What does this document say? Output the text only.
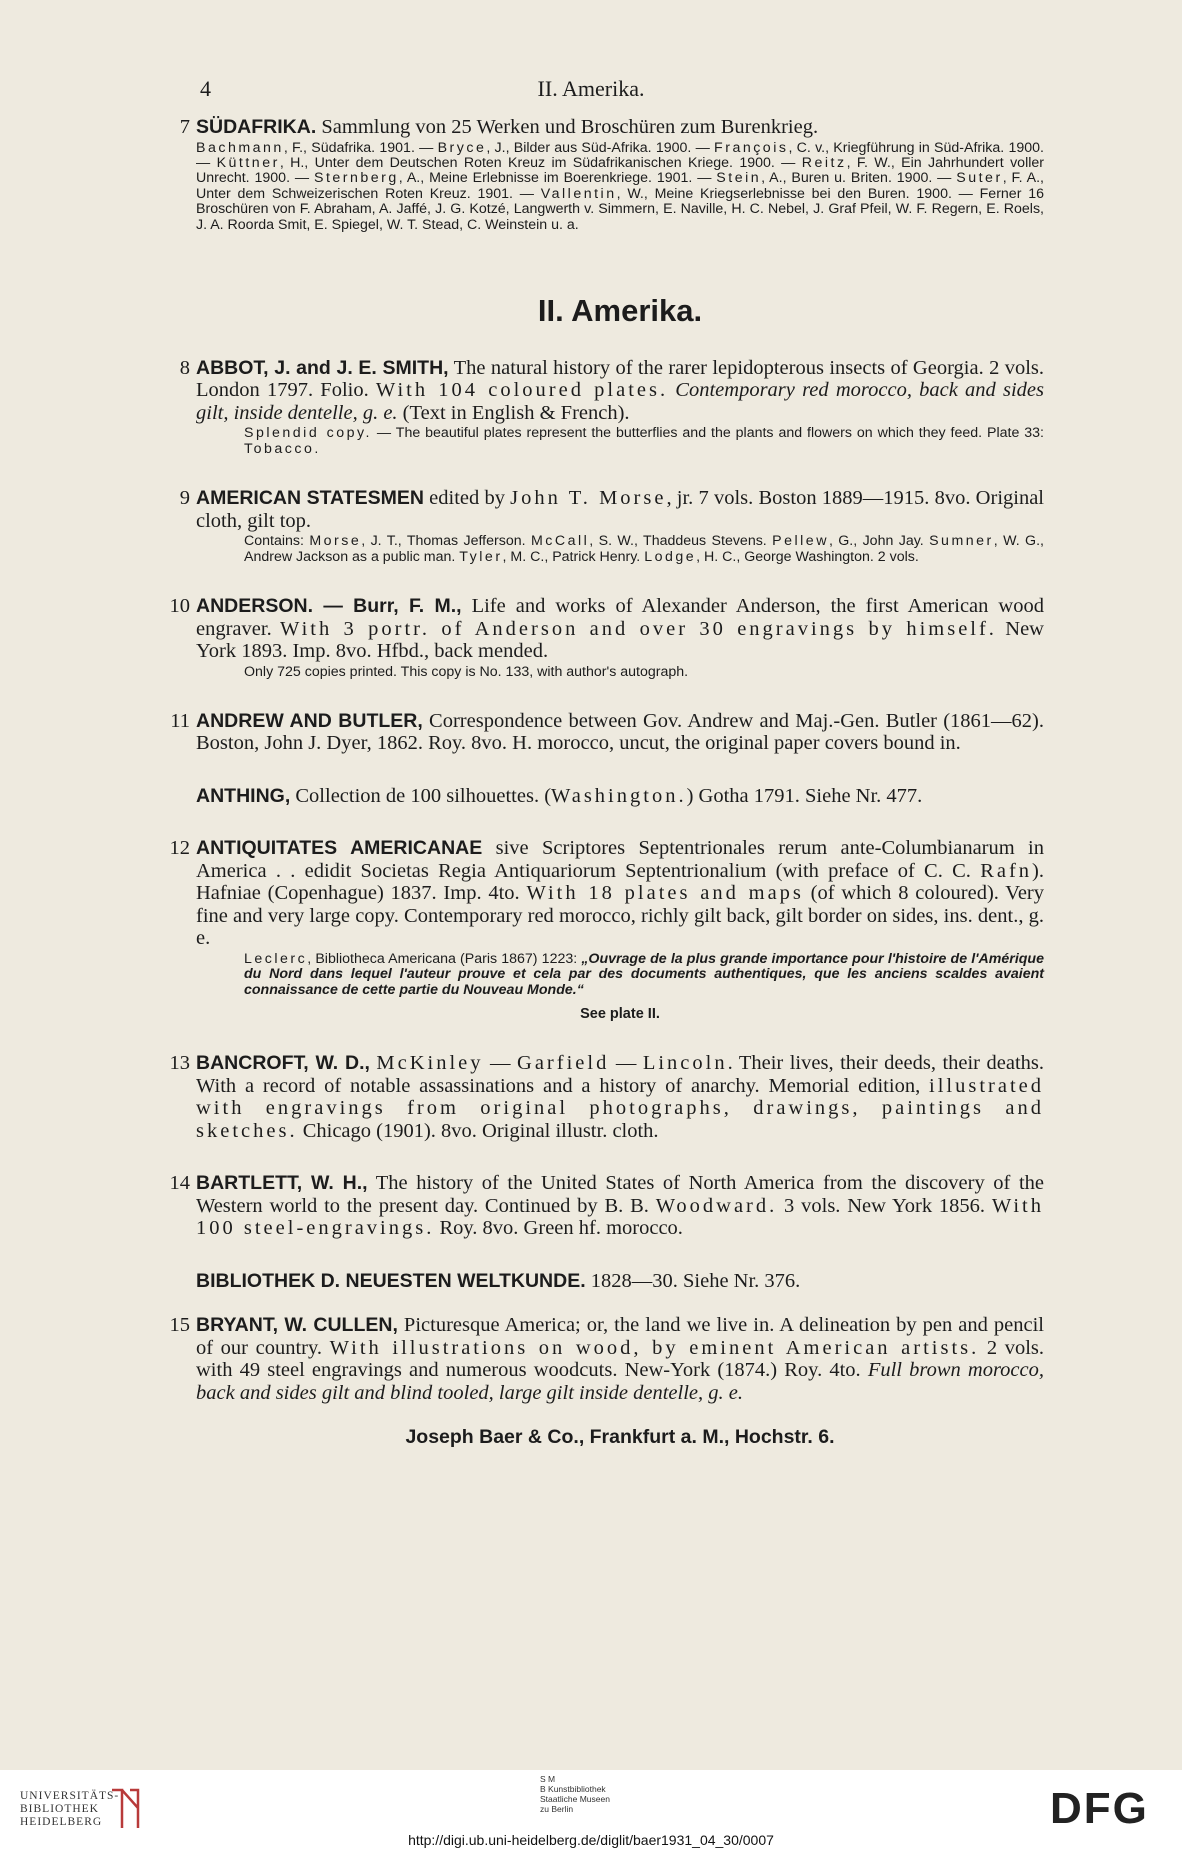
4	II. Amerika.
7 SÜDAFRIKA. Sammlung von 25 Werken und Broschüren zum Burenkrieg.
Bachmann, F., Südafrika. 1901. — Bryce, J., Bilder aus Süd-Afrika. 1900. — François, C. v., Kriegführung in Süd-Afrika. 1900. — Küttner, H., Unter dem Deutschen Roten Kreuz im Südafrikanischen Kriege. 1900. — Reitz, F. W., Ein Jahrhundert voller Unrecht. 1900. — Sternberg, A., Meine Erlebnisse im Boerenkriege. 1901. — Stein, A., Buren u. Briten. 1900. — Suter, F. A., Unter dem Schweizerischen Roten Kreuz. 1901. — Vallentin, W., Meine Kriegserlebnisse bei den Buren. 1900. — Ferner 16 Broschüren von F. Abraham, A. Jaffé, J. G. Kotzé, Langwerth v. Simmern, E. Naville, H. C. Nebel, J. Graf Pfeil, W. F. Regern, E. Roels, J. A. Roorda Smit, E. Spiegel, W. T. Stead, C. Weinstein u. a.
II. Amerika.
8 ABBOT, J. and J. E. SMITH, The natural history of the rarer lepidopterous insects of Georgia. 2 vols. London 1797. Folio. With 104 coloured plates. Contemporary red morocco, back and sides gilt, inside dentelle, g. e. (Text in English & French).
Splendid copy. — The beautiful plates represent the butterflies and the plants and flowers on which they feed. Plate 33: Tobacco.
9 AMERICAN STATESMEN edited by John T. Morse, jr. 7 vols. Boston 1889—1915. 8vo. Original cloth, gilt top.
Contains: Morse, J. T., Thomas Jefferson. McCall, S. W., Thaddeus Stevens. Pellew, G., John Jay. Sumner, W. G., Andrew Jackson as a public man. Tyler, M. C., Patrick Henry. Lodge, H. C., George Washington. 2 vols.
10 ANDERSON. — Burr, F. M., Life and works of Alexander Anderson, the first American wood engraver. With 3 portr. of Anderson and over 30 engravings by himself. New York 1893. Imp. 8vo. Hfbd., back mended.
Only 725 copies printed. This copy is No. 133, with author's autograph.
11 ANDREW AND BUTLER, Correspondence between Gov. Andrew and Maj.-Gen. Butler (1861—62). Boston, John J. Dyer, 1862. Roy. 8vo. H. morocco, uncut, the original paper covers bound in.
ANTHING, Collection de 100 silhouettes. (Washington.) Gotha 1791. Siehe Nr. 477.
12 ANTIQUITATES AMERICANAE sive Scriptores Septentrionales rerum ante-Columbianarum in America . . edidit Societas Regia Antiquariorum Septentrionalium (with preface of C. C. Rafn). Hafniae (Copenhague) 1837. Imp. 4to. With 18 plates and maps (of which 8 coloured). Very fine and very large copy. Contemporary red morocco, richly gilt back, gilt border on sides, ins. dent., g. e.
Leclerc, Bibliotheca Americana (Paris 1867) 1223: „Ouvrage de la plus grande importance pour l'histoire de l'Amérique du Nord dans lequel l'auteur prouve et cela par des documents authentiques, que les anciens scaldes avaient connaissance de cette partie du Nouveau Monde.“
See plate II.
13 BANCROFT, W. D., McKinley — Garfield — Lincoln. Their lives, their deeds, their deaths. With a record of notable assassinations and a history of anarchy. Memorial edition, illustrated with engravings from original photographs, drawings, paintings and sketches. Chicago (1901). 8vo. Original illustr. cloth.
14 BARTLETT, W. H., The history of the United States of North America from the discovery of the Western world to the present day. Continued by B. B. Woodward. 3 vols. New York 1856. With 100 steel-engravings. Roy. 8vo. Green hf. morocco.
BIBLIOTHEK D. NEUESTEN WELTKUNDE. 1828—30. Siehe Nr. 376.
15 BRYANT, W. CULLEN, Picturesque America; or, the land we live in. A delineation by pen and pencil of our country. With illustrations on wood, by eminent American artists. 2 vols. with 49 steel engravings and numerous woodcuts. New-York (1874.) Roy. 4to. Full brown morocco, back and sides gilt and blind tooled, large gilt inside dentelle, g. e.
Joseph Baer & Co., Frankfurt a. M., Hochstr. 6.
UNIVERSITÄTS-
BIBLIOTHEK
HEIDELBERG
S M
B Kunstbibliothek
Staatliche Museen
zu Berlin	DFG
http://digi.ub.uni-heidelberg.de/diglit/baer1931_04_30/0007
